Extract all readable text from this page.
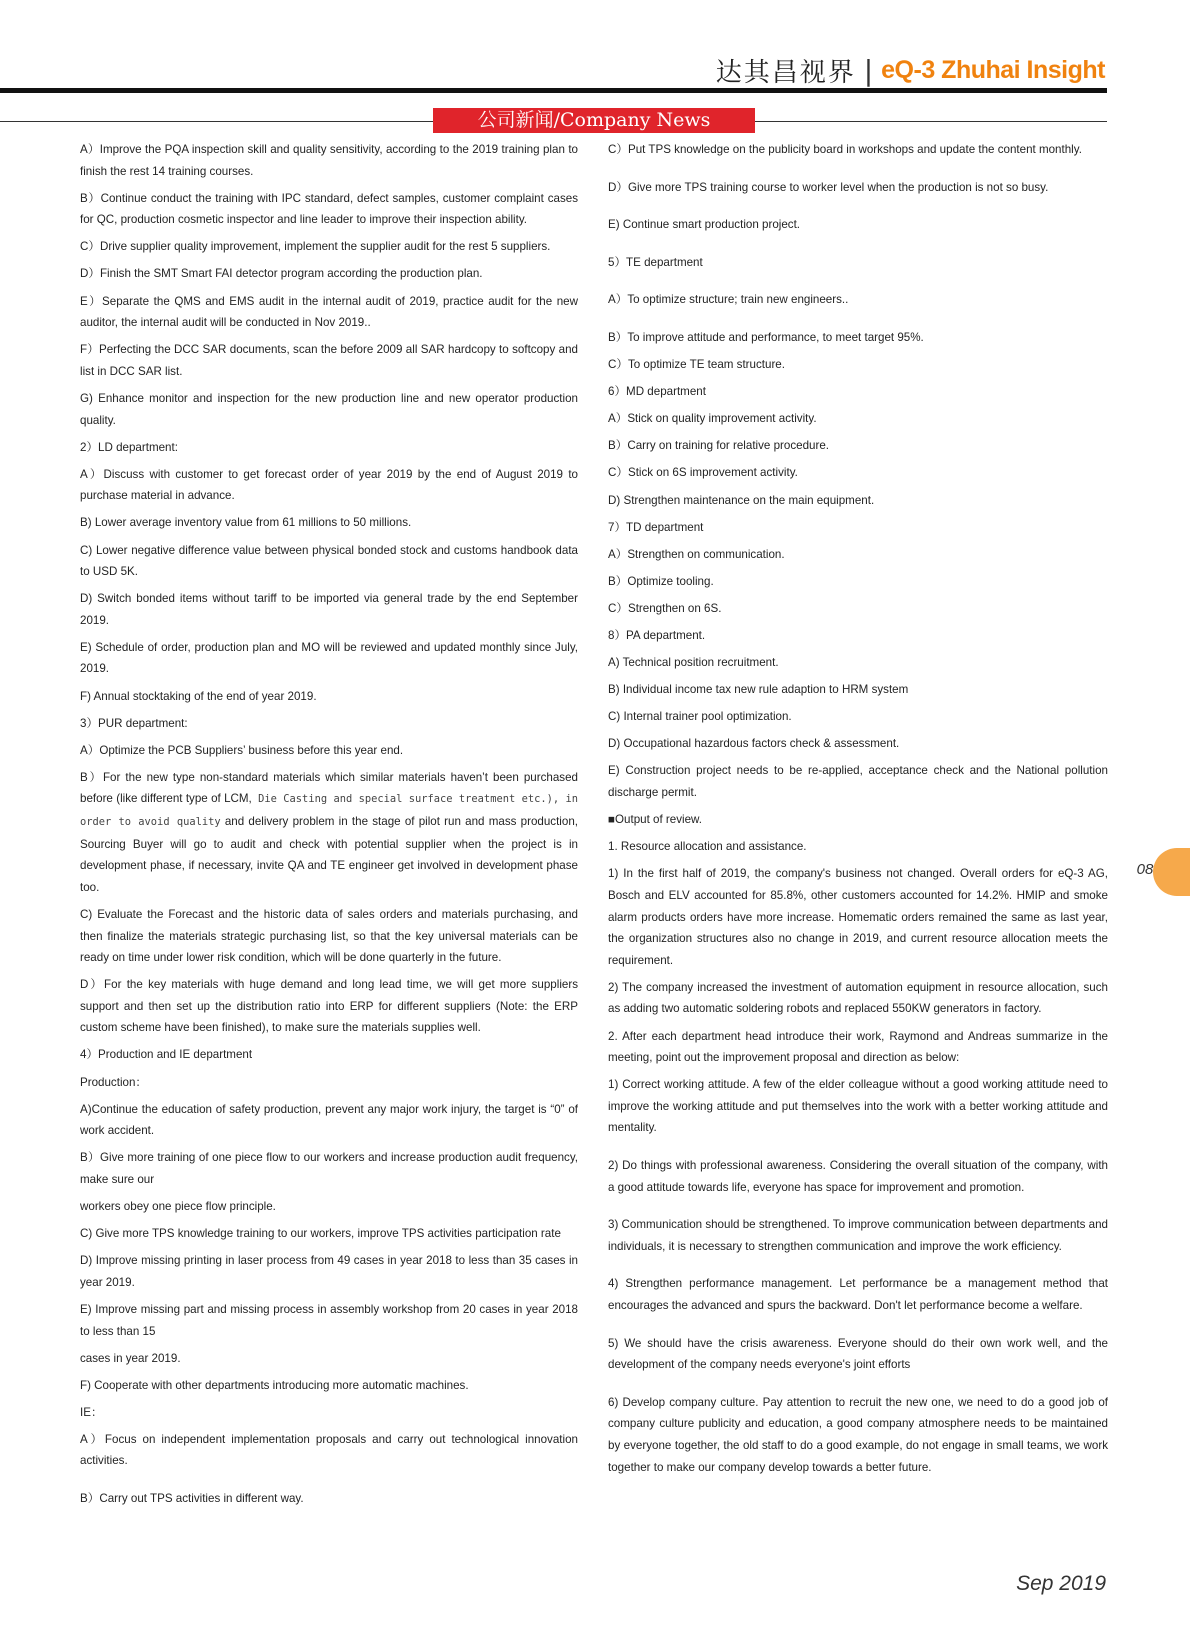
达其昌视界 | eQ-3 Zhuhai Insight
公司新闻/Company News

A）Improve the PQA inspection skill and quality sensitivity, according to the 2019 training plan to finish the rest 14 training courses.

B）Continue conduct the training with IPC standard, defect samples, customer complaint cases for QC, production cosmetic inspector and line leader to improve their inspection ability.

C）Drive supplier quality improvement, implement the supplier audit for the rest 5 suppliers.

D）Finish the SMT Smart FAI detector program according the production plan.

E）Separate the QMS and EMS audit in the internal audit of 2019, practice audit for the new auditor, the internal audit will be conducted in Nov 2019..

F）Perfecting the DCC SAR documents, scan the before 2009 all SAR hardcopy to softcopy and list in DCC SAR list.

G) Enhance monitor and inspection for the new production line and new operator production quality.

2）LD department:

A）Discuss with customer to get forecast order of year 2019 by the end of August 2019 to purchase material in advance.

B) Lower average inventory value from 61 millions to 50 millions.

C) Lower negative difference value between physical bonded stock and customs handbook data to USD 5K.

D) Switch bonded items without tariff to be imported via general trade by the end September 2019.

E) Schedule of order, production plan and MO will be reviewed and updated monthly since July, 2019.

F) Annual stocktaking of the end of year 2019.

3）PUR department:

A）Optimize the PCB Suppliers’ business before this year end.

B）For the new type non-standard materials which similar materials haven’t been purchased before (like different type of LCM, Die Casting and special surface treatment etc.), in order to avoid quality and delivery problem in the stage of pilot run and mass production, Sourcing Buyer will go to audit and check with potential supplier when the project is in development phase, if necessary, invite QA and TE engineer get involved in development phase too.

C) Evaluate the Forecast and the historic data of sales orders and materials purchasing, and then finalize the materials strategic purchasing list, so that the key universal materials can be ready on time under lower risk condition, which will be done quarterly in the future.

D）For the key materials with huge demand and long lead time, we will get more suppliers support and then set up the distribution ratio into ERP for different suppliers (Note: the ERP custom scheme have been finished), to make sure the materials supplies well.

4）Production and IE department

Production：

A)Continue the education of safety production, prevent any major work injury, the target is “0” of work accident.

B）Give more training of one piece flow to our workers and increase production audit frequency, make sure our

workers obey one piece flow principle.

C) Give more TPS knowledge training to our workers, improve TPS activities participation rate

D) Improve missing printing in laser process from 49 cases in year 2018 to less than 35 cases in year 2019.

E) Improve missing part and missing process in assembly workshop from 20 cases in year 2018 to less than 15

cases in year 2019.

F) Cooperate with other departments introducing more automatic machines.

IE：

A）Focus on independent implementation proposals and carry out technological innovation activities.

B）Carry out TPS activities in different way.

C）Put TPS knowledge on the publicity board in workshops and update the content monthly.

D）Give more TPS training course to worker level when the production is not so busy.

E) Continue smart production project.

5）TE department

A）To optimize structure; train new engineers..

B）To improve attitude and performance, to meet target 95%.

C）To optimize TE team structure.

6）MD department

A）Stick on quality improvement activity.

B）Carry on training for relative procedure.

C）Stick on 6S improvement activity.

D) Strengthen maintenance on the main equipment.

7）TD department

A）Strengthen on communication.

B）Optimize tooling.

C）Strengthen on 6S.

8）PA department.

A) Technical position recruitment.

B) Individual income tax new rule adaption to HRM system

C) Internal trainer pool optimization.

D) Occupational hazardous factors check & assessment.

E) Construction project needs to be re-applied, acceptance check and the National pollution discharge permit.

■Output of review.

1. Resource allocation and assistance.

1) In the first half of 2019, the company's business not changed. Overall orders for eQ-3 AG, Bosch and ELV accounted for 85.8%, other customers accounted for 14.2%. HMIP and smoke alarm products orders have more increase. Homematic orders remained the same as last year, the organization structures also no change in 2019, and current resource allocation meets the requirement.

2) The company increased the investment of automation equipment in resource allocation, such as adding two automatic soldering robots and replaced 550KW generators in factory.

2. After each department head introduce their work, Raymond and Andreas summarize in the meeting, point out the improvement proposal and direction as below:

1) Correct working attitude. A few of the elder colleague without a good working attitude need to improve the working attitude and put themselves into the work with a better working attitude and mentality.

2) Do things with professional awareness. Considering the overall situation of the company, with a good attitude towards life, everyone has space for improvement and promotion.

3) Communication should be strengthened. To improve communication between departments and individuals, it is necessary to strengthen communication and improve the work efficiency.

4) Strengthen performance management. Let performance be a management method that encourages the advanced and spurs the backward. Don't let performance become a welfare.

5) We should have the crisis awareness. Everyone should do their own work well, and the development of the company needs everyone's joint efforts

6) Develop company culture. Pay attention to recruit the new one, we need to do a good job of company culture publicity and education, a good company atmosphere needs to be maintained by everyone together, the old staff to do a good example, do not engage in small teams, we work together to make our company develop towards a better future.

08
Sep 2019
